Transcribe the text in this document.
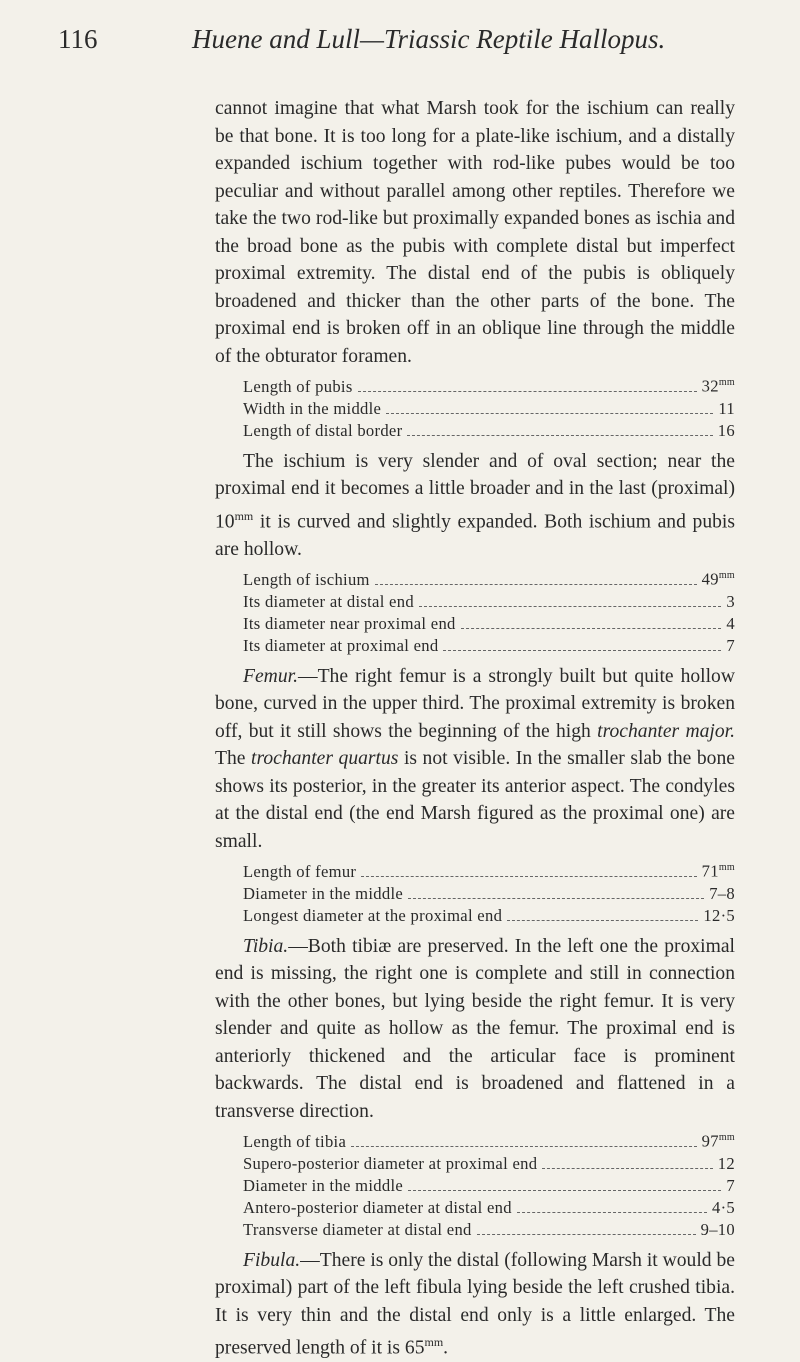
116	Huene and Lull—Triassic Reptile Hallopus.

cannot imagine that what Marsh took for the ischium can really be that bone. It is too long for a plate-like ischium, and a distally expanded ischium together with rod-like pubes would be too peculiar and without parallel among other reptiles. Therefore we take the two rod-like but proximally expanded bones as ischia and the broad bone as the pubis with complete distal but imperfect proximal extremity. The distal end of the pubis is obliquely broadened and thicker than the other parts of the bone. The proximal end is broken off in an oblique line through the middle of the obturator foramen.

Length of pubis	$32^{mm}$
Width in the middle	11
Length of distal border	16

The ischium is very slender and of oval section; near the proximal end it becomes a little broader and in the last (proximal) $10^{mm}$ it is curved and slightly expanded. Both ischium and pubis are hollow.

Length of ischium	$49^{mm}$
Its diameter at distal end	3
Its diameter near proximal end	4
Its diameter at proximal end	7

Femur.—The right femur is a strongly built but quite hollow bone, curved in the upper third. The proximal extremity is broken off, but it still shows the beginning of the high trochanter major. The trochanter quartus is not visible. In the smaller slab the bone shows its posterior, in the greater its anterior aspect. The condyles at the distal end (the end Marsh figured as the proximal one) are small.

Length of femur	$71^{mm}$
Diameter in the middle	7–8
Longest diameter at the proximal end	12·5

Tibia.—Both tibiæ are preserved. In the left one the proximal end is missing, the right one is complete and still in connection with the other bones, but lying beside the right femur. It is very slender and quite as hollow as the femur. The proximal end is anteriorly thickened and the articular face is prominent backwards. The distal end is broadened and flattened in a transverse direction.

Length of tibia	$97^{mm}$
Supero-posterior diameter at proximal end	12
Diameter in the middle	7
Antero-posterior diameter at distal end	4·5
Transverse diameter at distal end	9–10

Fibula.—There is only the distal (following Marsh it would be proximal) part of the left fibula lying beside the left crushed tibia. It is very thin and the distal end only is a little enlarged. The preserved length of it is $65^{mm}$.
